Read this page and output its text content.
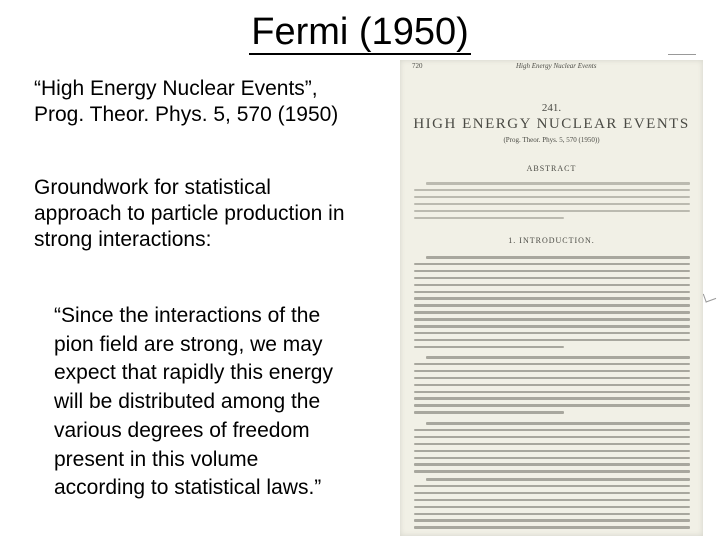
Fermi (1950)
“High Energy Nuclear Events”,
Prog. Theor. Phys. 5, 570 (1950)
Groundwork for statistical
approach to particle production in
strong interactions:
“Since the interactions of the
pion field are strong, we may
expect that rapidly this energy
will be distributed among the
various degrees of freedom
present in this volume
according to statistical laws.”
720	High Energy Nuclear Events
241.
HIGH ENERGY NUCLEAR EVENTS
(Prog. Theor. Phys. 5, 570 (1950))
ABSTRACT
1. INTRODUCTION.
